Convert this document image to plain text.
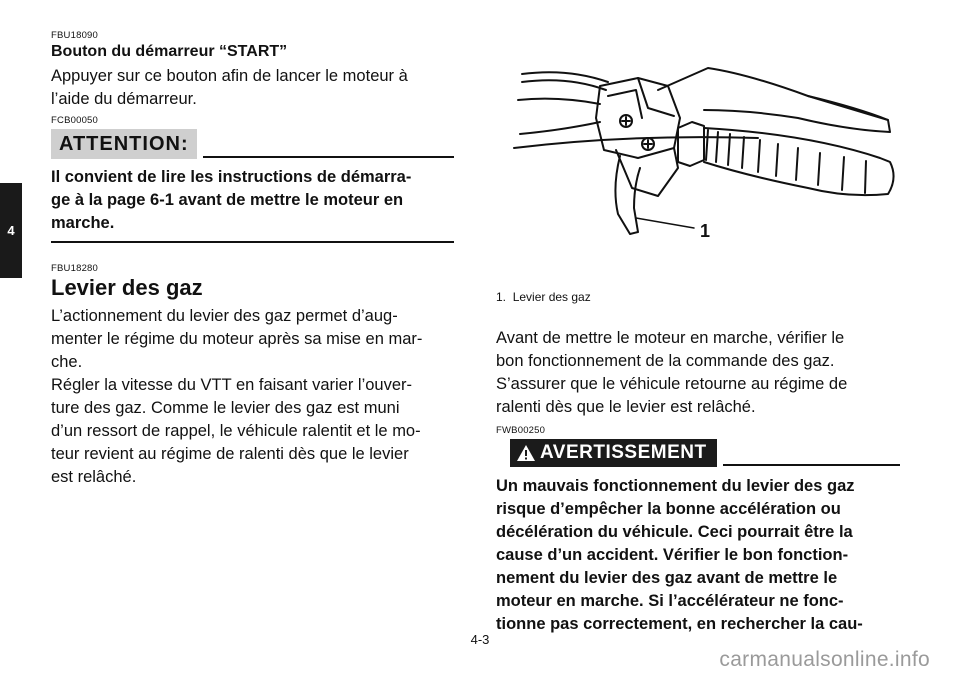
4
FBU18090
Bouton du démarreur “START”

Appuyer sur ce bouton afin de lancer le moteur à

l’aide du démarreur.

FCB00050
ATTENTION:

Il convient de lire les instructions de démarra-

ge à la page 6-1 avant de mettre le moteur en

marche.

FBU18280
Levier des gaz

L’actionnement du levier des gaz permet d’aug-

menter le régime du moteur après sa mise en mar-

che.

Régler la vitesse du VTT en faisant varier l’ouver-

ture des gaz. Comme le levier des gaz est muni

d’un ressort de rappel, le véhicule ralentit et le mo-

teur revient au régime de ralenti dès que le levier

est relâché.

1
1. Levier des gaz

Avant de mettre le moteur en marche, vérifier le

bon fonctionnement de la commande des gaz.

S’assurer que le véhicule retourne au régime de

ralenti dès que le levier est relâché.

FWB00250
AVERTISSEMENT

Un mauvais fonctionnement du levier des gaz

risque d’empêcher la bonne accélération ou

décélération du véhicule. Ceci pourrait être la

cause d’un accident. Vérifier le bon fonction-

nement du levier des gaz avant de mettre le

moteur en marche. Si l’accélérateur ne fonc-

tionne pas correctement, en rechercher la cau-

4-3
carmanualsonline.info
